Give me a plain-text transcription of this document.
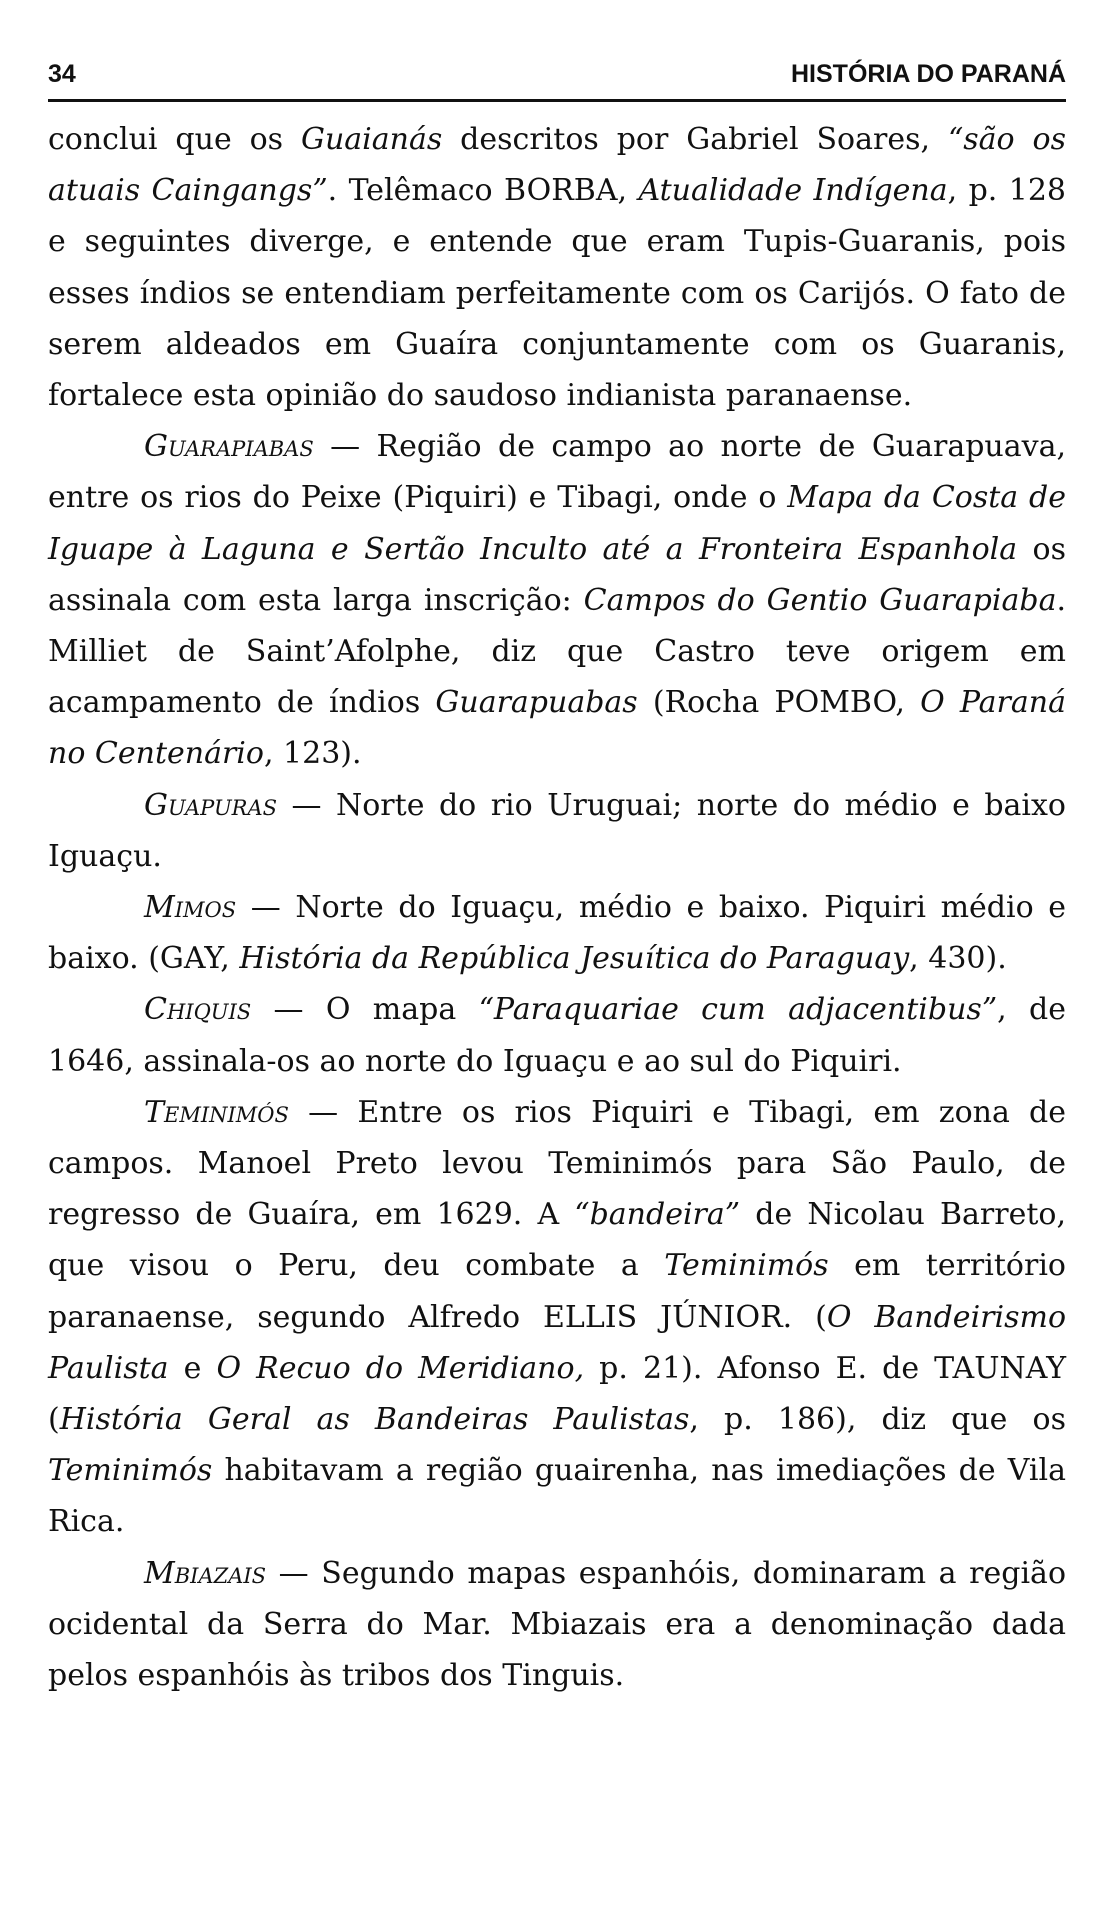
34	HISTÓRIA DO PARANÁ

conclui que os Guaianás descritos por Gabriel Soares, “são os atuais Caingangs”. Telêmaco BORBA, Atualidade Indígena, p. 128 e seguintes diverge, e entende que eram Tupis-Guaranis, pois esses índios se entendiam perfeitamente com os Carijós. O fato de serem aldeados em Guaíra conjuntamente com os Guaranis, fortalece esta opinião do saudoso indianista paranaense.

Guarapiabas — Região de campo ao norte de Guarapuava, entre os rios do Peixe (Piquiri) e Tibagi, onde o Mapa da Costa de Iguape à Laguna e Sertão Inculto até a Fronteira Espanhola os assinala com esta larga inscrição: Campos do Gentio Guarapiaba. Milliet de Saint’Afolphe, diz que Castro teve origem em acampamento de índios Guarapuabas (Rocha POMBO, O Paraná no Centenário, 123).

Guapuras — Norte do rio Uruguai; norte do médio e baixo Iguaçu.

Mimos — Norte do Iguaçu, médio e baixo. Piquiri médio e baixo. (GAY, História da República Jesuítica do Paraguay, 430).

Chiquis — O mapa “Paraquariae cum adjacentibus”, de 1646, assinala-os ao norte do Iguaçu e ao sul do Piquiri.

Teminimós — Entre os rios Piquiri e Tibagi, em zona de campos. Manoel Preto levou Teminimós para São Paulo, de regresso de Guaíra, em 1629. A “bandeira” de Nicolau Barreto, que visou o Peru, deu combate a Teminimós em território paranaense, segundo Alfredo ELLIS JÚNIOR. (O Bandeirismo Paulista e O Recuo do Meridiano, p. 21). Afonso E. de TAUNAY (História Geral as Bandeiras Paulistas, p. 186), diz que os Teminimós habitavam a região guairenha, nas imediações de Vila Rica.

Mbiazais — Segundo mapas espanhóis, dominaram a região ocidental da Serra do Mar. Mbiazais era a denominação dada pelos espanhóis às tribos dos Tinguis.
